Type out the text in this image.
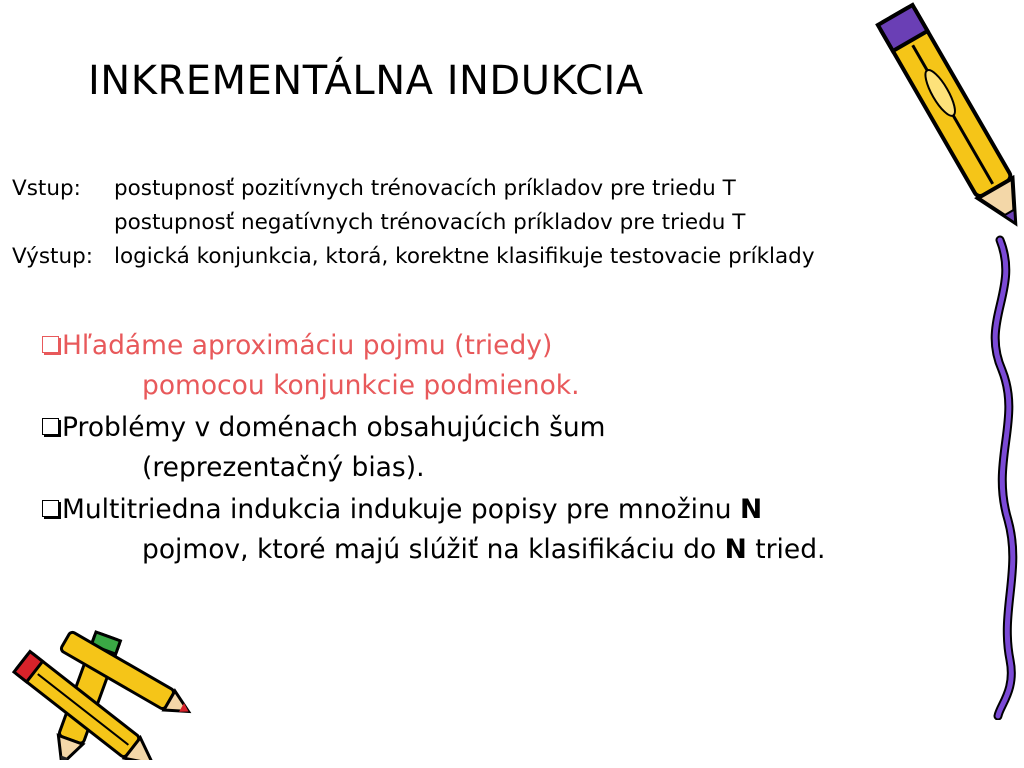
INKREMENTÁLNA INDUKCIA
Vstup: postupnosť pozitívnych trénovacích príkladov pre triedu T
postupnosť negatívnych trénovacích príkladov pre triedu T
Výstup: logická konjunkcia, ktorá, korektne klasifikuje testovacie príklady
Hľadáme aproximáciu pojmu (triedy)
pomocou konjunkcie podmienok.
Problémy v doménach obsahujúcich šum
(reprezentačný bias).
Multitriedna indukcia indukuje popisy pre množinu N
pojmov, ktoré majú slúžiť na klasifikáciu do N tried.
